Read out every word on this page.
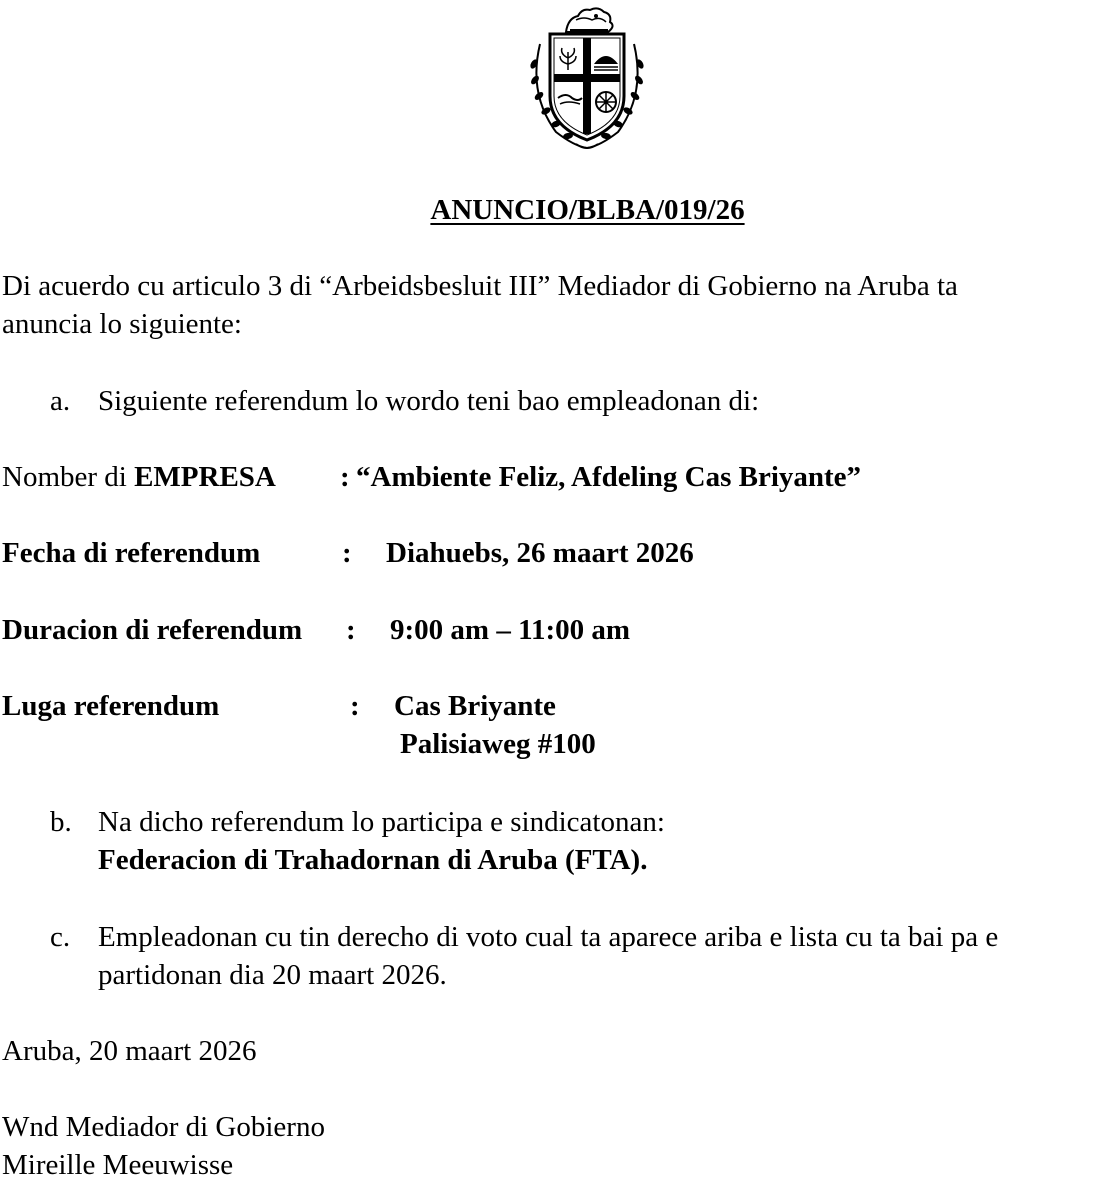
ANUNCIO/BLBA/019/26
Di acuerdo cu articulo 3 di “Arbeidsbesluit III” Mediador di Gobierno na Aruba ta
anuncia lo siguiente:
a. Siguiente referendum lo wordo teni bao empleadonan di:
Nomber di EMPRESA : “Ambiente Feliz, Afdeling Cas Briyante”
Fecha di referendum	: Diahuebs, 26 maart 2026
Duracion di referendum : 9:00 am – 11:00 am
Luga referendum	: Cas Briyante
Palisiaweg #100
b. Na dicho referendum lo participa e sindicatonan:
Federacion di Trahadornan di Aruba (FTA).
c. Empleadonan cu tin derecho di voto cual ta aparece ariba e lista cu ta bai pa e
partidonan dia 20 maart 2026.
Aruba, 20 maart 2026
Wnd Mediador di Gobierno
Mireille Meeuwisse
